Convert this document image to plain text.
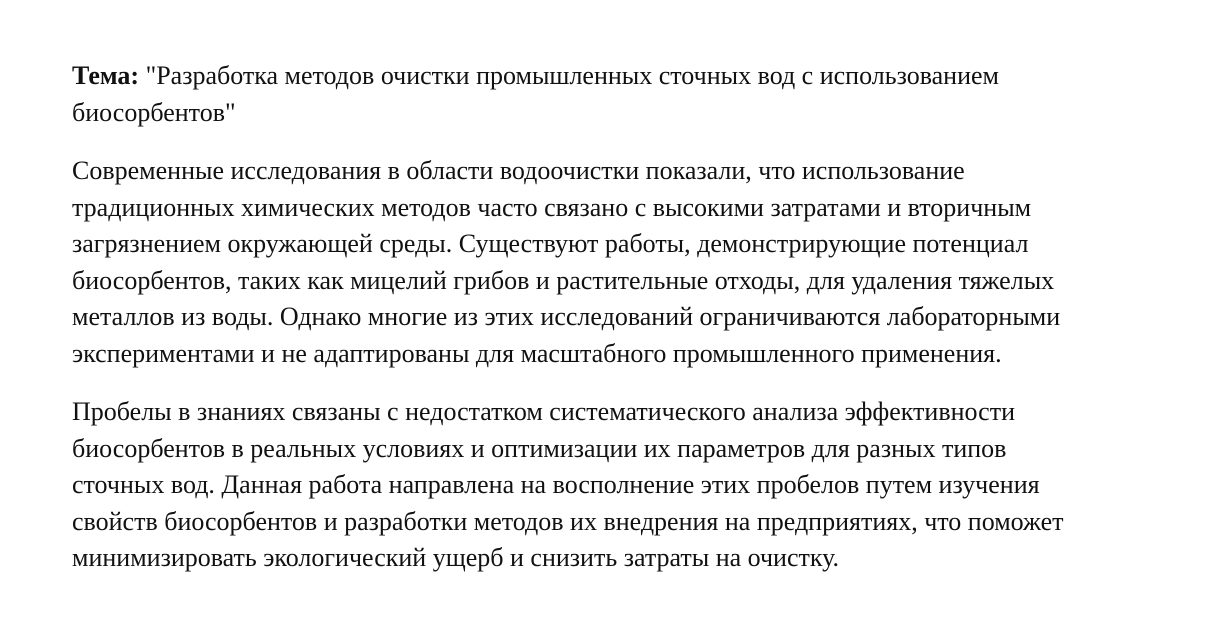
Тема: "Разработка методов очистки промышленных сточных вод с использованием
биосорбентов"

Современные исследования в области водоочистки показали, что использование
традиционных химических методов часто связано с высокими затратами и вторичным
загрязнением окружающей среды. Существуют работы, демонстрирующие потенциал
биосорбентов, таких как мицелий грибов и растительные отходы, для удаления тяжелых
металлов из воды. Однако многие из этих исследований ограничиваются лабораторными
экспериментами и не адаптированы для масштабного промышленного применения.

Пробелы в знаниях связаны с недостатком систематического анализа эффективности
биосорбентов в реальных условиях и оптимизации их параметров для разных типов
сточных вод. Данная работа направлена на восполнение этих пробелов путем изучения
свойств биосорбентов и разработки методов их внедрения на предприятиях, что поможет
минимизировать экологический ущерб и снизить затраты на очистку.
